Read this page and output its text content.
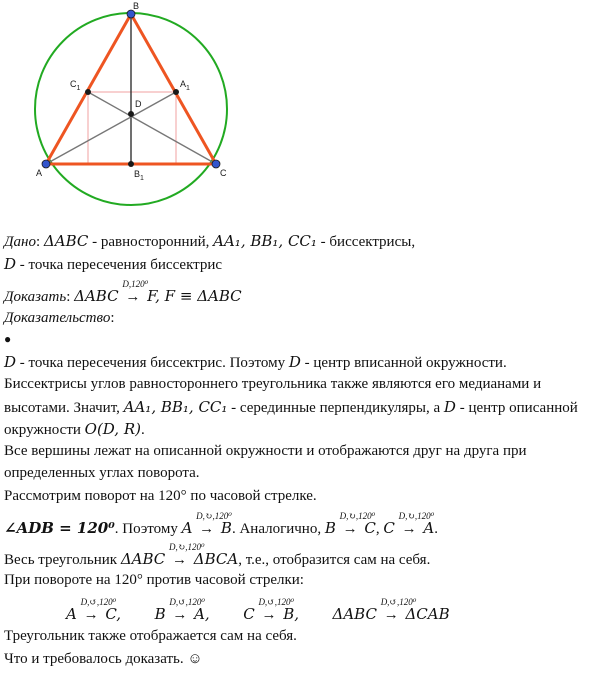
B
A	C
D
$C_1$	$A_1$
$B_1$
Дано: ΔABC - равносторонний, AA₁, BB₁, CC₁ - биссектрисы,
D - точка пересечения биссектрис
Доказать: ΔABC
D,120⁰
→ F, F ≡ ΔABC
Доказательство:
●
D - точка пересечения биссектрис. Поэтому D - центр вписанной окружности.
Биссектрисы углов равностороннего треугольника также являются его медианами и
высотами. Значит, AA₁, BB₁, CC₁ - серединные перпендикуляры, а D - центр описанной
окружности O(D, R).
Все вершины лежат на описанной окружности и отображаются друг на друга при
определенных углах поворота.
Рассмотрим поворот на 120° по часовой стрелке.
∠ADB = 120⁰. Поэтому A
D,↻,120⁰
→ B. Аналогично, B
D,↻,120⁰
→ C, C
D,↻,120⁰
→ A.
Весь треугольник ΔABC
D,↻,120⁰
→ ΔBCA, т.е., отобразится сам на себя.
При повороте на 120° против часовой стрелки:
A
D,↺,120⁰
→ C, B
D,↺,120⁰
→ A, C
D,↺,120⁰
→ B, ΔABC
D,↺,120⁰
→ ΔCAB
Треугольник также отображается сам на себя.
Что и требовалось доказать. ☺
